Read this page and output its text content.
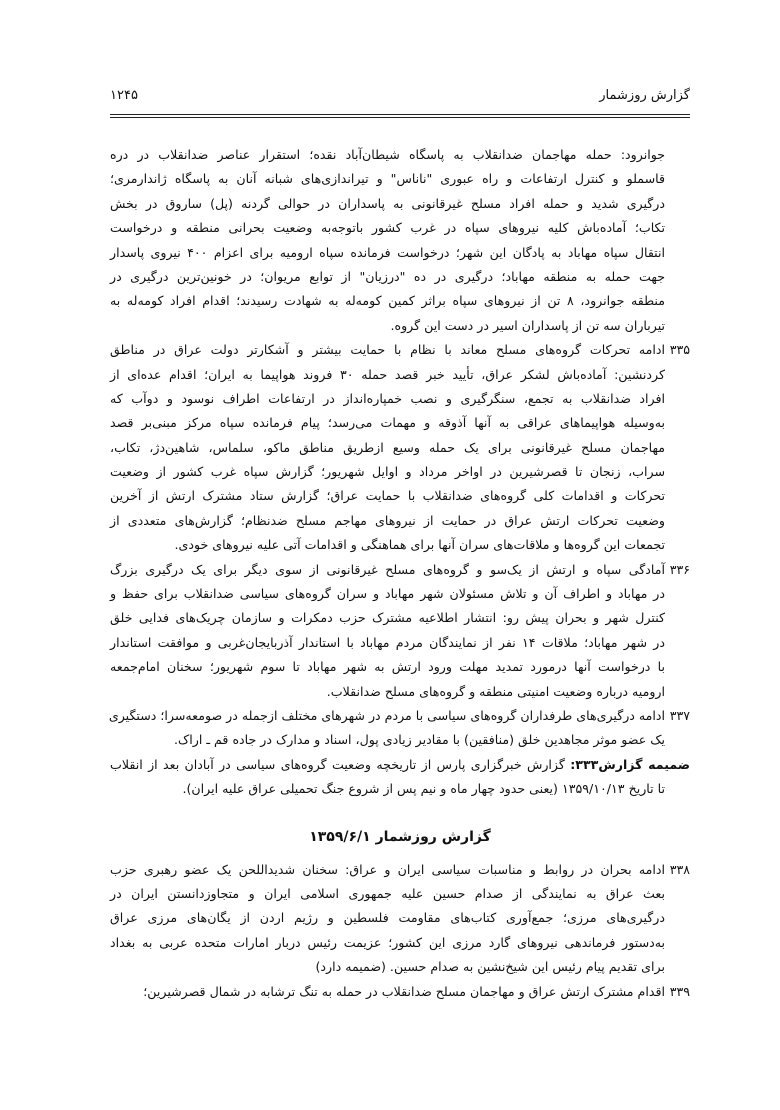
گزارش روزشمار
۱۲۴۵
جوانرود: حمله مهاجمان ضدانقلاب به پاسگاه شیطان‌آباد نقده؛ استقرار عناصر ضدانقلاب در دره
قاسملو و کنترل ارتفاعات و راه عبوری "ناناس" و تیراندازی‌های شبانه آنان به پاسگاه ژاندارمری؛
درگیری شدید و حمله افراد مسلح غیرقانونی به پاسداران در حوالی گردنه (پل) ساروق در بخش
تکاب؛ آماده‌باش کلیه نیروهای سپاه در غرب کشور باتوجه‌به وضعیت بحرانی منطقه و درخواست
انتقال سپاه مهاباد به پادگان این شهر؛ درخواست فرمانده سپاه ارومیه برای اعزام ۴۰۰ نیروی پاسدار
جهت حمله به منطقه مهاباد؛ درگیری در ده "درزیان" از توابع مریوان؛ در خونین‌ترین درگیری در
منطقه جوانرود، ۸ تن از نیروهای سپاه براثر کمین کومه‌له به شهادت رسیدند؛ اقدام افراد کومه‌له به
تیرباران سه تن از پاسداران اسیر در دست این گروه.
۳۳۵ادامه تحرکات گروه‌های مسلح معاند با نظام با حمایت بیشتر و آشکارتر دولت عراق در مناطق
کردنشین: آماده‌باش لشکر عراق، تأیید خبر قصد حمله ۳۰ فروند هواپیما به ایران؛ اقدام عده‌ای از
افراد ضدانقلاب به تجمع، سنگرگیری و نصب خمپاره‌انداز در ارتفاعات اطراف نوسود و دوآب که
به‌وسیله هواپیماهای عراقی به آنها آذوقه و مهمات می‌رسد؛ پیام فرمانده سپاه مرکز مبنی‌بر قصد
مهاجمان مسلح غیرقانونی برای یک حمله وسیع ازطریق مناطق ماکو، سلماس، شاهین‌دژ، تکاب،
سراب، زنجان تا قصرشیرین در اواخر مرداد و اوایل شهریور؛ گزارش سپاه غرب کشور از وضعیت
تحرکات و اقدامات کلی گروه‌های ضدانقلاب با حمایت عراق؛ گزارش ستاد مشترک ارتش از آخرین
وضعیت تحرکات ارتش عراق در حمایت از نیروهای مهاجم مسلح ضدنظام؛ گزارش‌های متعددی از
تجمعات این گروه‌ها و ملاقات‌های سران آنها برای هماهنگی و اقدامات آتی علیه نیروهای خودی.
۳۳۶آمادگی سپاه و ارتش از یک‌سو و گروه‌های مسلح غیرقانونی از سوی دیگر برای یک درگیری بزرگ
در مهاباد و اطراف آن و تلاش مسئولان شهر مهاباد و سران گروه‌های سیاسی ضدانقلاب برای حفظ و
کنترل شهر و بحران پیش رو: انتشار اطلاعیه مشترک حزب دمکرات و سازمان چریک‌های فدایی خلق
در شهر مهاباد؛ ملاقات ۱۴ نفر از نمایندگان مردم مهاباد با استاندار آذربایجان‌غربی و موافقت استاندار
با درخواست آنها درمورد تمدید مهلت ورود ارتش به شهر مهاباد تا سوم شهریور؛ سخنان امام‌جمعه
ارومیه درباره وضعیت امنیتی منطقه و گروه‌های مسلح ضدانقلاب.
۳۳۷ادامه درگیری‌های طرفداران گروه‌های سیاسی با مردم در شهرهای مختلف ازجمله در صومعه‌سرا؛ دستگیری
یک عضو موثر مجاهدین خلق (منافقین) با مقادیر زیادی پول، اسناد و مدارک در جاده قم ـ اراک.
ضمیمه گزارش۳۳۳: گزارش خبرگزاری پارس از تاریخچه وضعیت گروه‌های سیاسی در آبادان بعد از انقلاب
تا تاریخ ۱۳۵۹/۱۰/۱۳ (یعنی حدود چهار ماه و نیم پس از شروع جنگ تحمیلی عراق علیه ایران).
گزارش روزشمار ۱۳۵۹/۶/۱
۳۳۸ادامه بحران در روابط و مناسبات سیاسی ایران و عراق: سخنان شدیداللحن یک عضو رهبری حزب
بعث عراق به نمایندگی از صدام حسین علیه جمهوری اسلامی ایران و متجاوزدانستن ایران در
درگیری‌های مرزی؛ جمع‌آوری کتاب‌های مقاومت فلسطین و رژیم اردن از یگان‌های مرزی عراق
به‌دستور فرماندهی نیروهای گارد مرزی این کشور؛ عزیمت رئیس دربار امارات متحده عربی به بغداد
برای تقدیم پیام رئیس این شیخ‌نشین به صدام حسین. (ضمیمه دارد)
۳۳۹اقدام مشترک ارتش عراق و مهاجمان مسلح ضدانقلاب در حمله به تنگ ترشابه در شمال قصرشیرین؛
